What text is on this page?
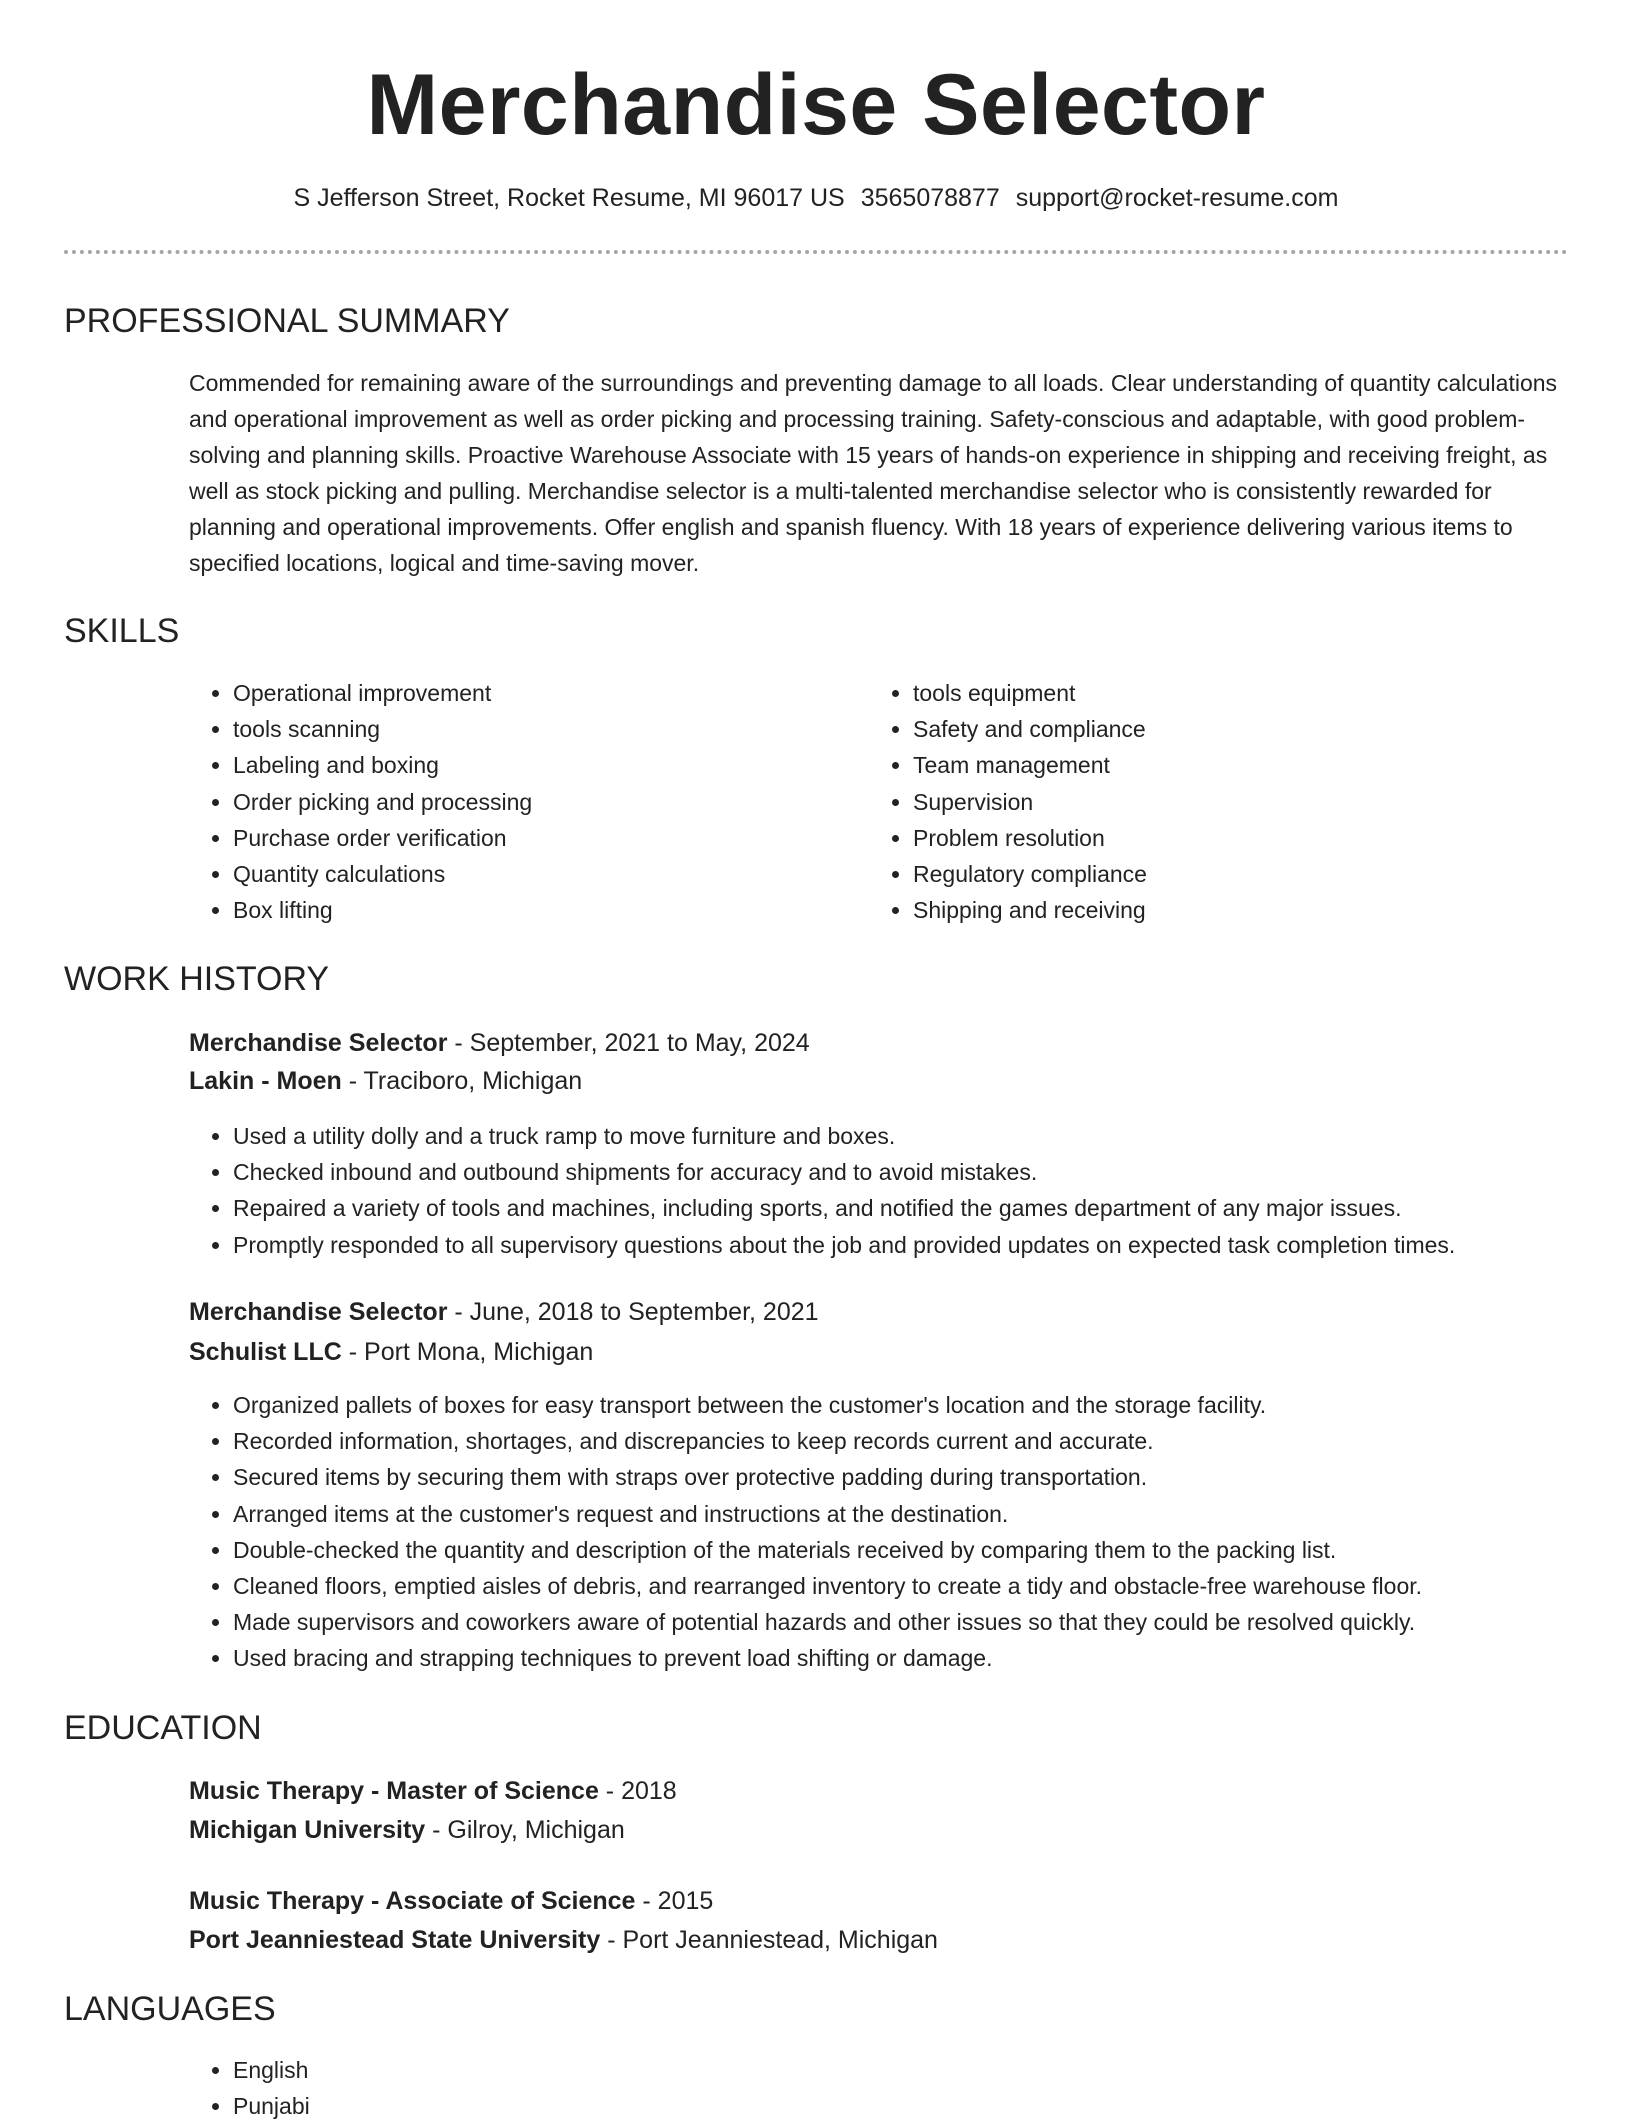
Merchandise Selector
S Jefferson Street, Rocket Resume, MI 96017 US 3565078877 support@rocket-resume.com
PROFESSIONAL SUMMARY

Commended for remaining aware of the surroundings and preventing damage to all loads. Clear understanding of quantity calculations and operational improvement as well as order picking and processing training. Safety-conscious and adaptable, with good problem-solving and planning skills. Proactive Warehouse Associate with 15 years of hands-on experience in shipping and receiving freight, as well as stock picking and pulling. Merchandise selector is a multi-talented merchandise selector who is consistently rewarded for planning and operational improvements. Offer english and spanish fluency. With 18 years of experience delivering various items to specified locations, logical and time-saving mover.

SKILLS
• Operational improvement
• tools scanning
• Labeling and boxing
• Order picking and processing
• Purchase order verification
• Quantity calculations
• Box lifting
• tools equipment
• Safety and compliance
• Team management
• Supervision
• Problem resolution
• Regulatory compliance
• Shipping and receiving
WORK HISTORY
Merchandise Selector - September, 2021 to May, 2024
Lakin - Moen - Traciboro, Michigan
• Used a utility dolly and a truck ramp to move furniture and boxes.
• Checked inbound and outbound shipments for accuracy and to avoid mistakes.
• Repaired a variety of tools and machines, including sports, and notified the games department of any major issues.
• Promptly responded to all supervisory questions about the job and provided updates on expected task completion times.
Merchandise Selector - June, 2018 to September, 2021
Schulist LLC - Port Mona, Michigan
• Organized pallets of boxes for easy transport between the customer's location and the storage facility.
• Recorded information, shortages, and discrepancies to keep records current and accurate.
• Secured items by securing them with straps over protective padding during transportation.
• Arranged items at the customer's request and instructions at the destination.
• Double-checked the quantity and description of the materials received by comparing them to the packing list.
• Cleaned floors, emptied aisles of debris, and rearranged inventory to create a tidy and obstacle-free warehouse floor.
• Made supervisors and coworkers aware of potential hazards and other issues so that they could be resolved quickly.
• Used bracing and strapping techniques to prevent load shifting or damage.
EDUCATION
Music Therapy - Master of Science - 2018
Michigan University - Gilroy, Michigan
Music Therapy - Associate of Science - 2015
Port Jeanniestead State University - Port Jeanniestead, Michigan
LANGUAGES
• English
• Punjabi
